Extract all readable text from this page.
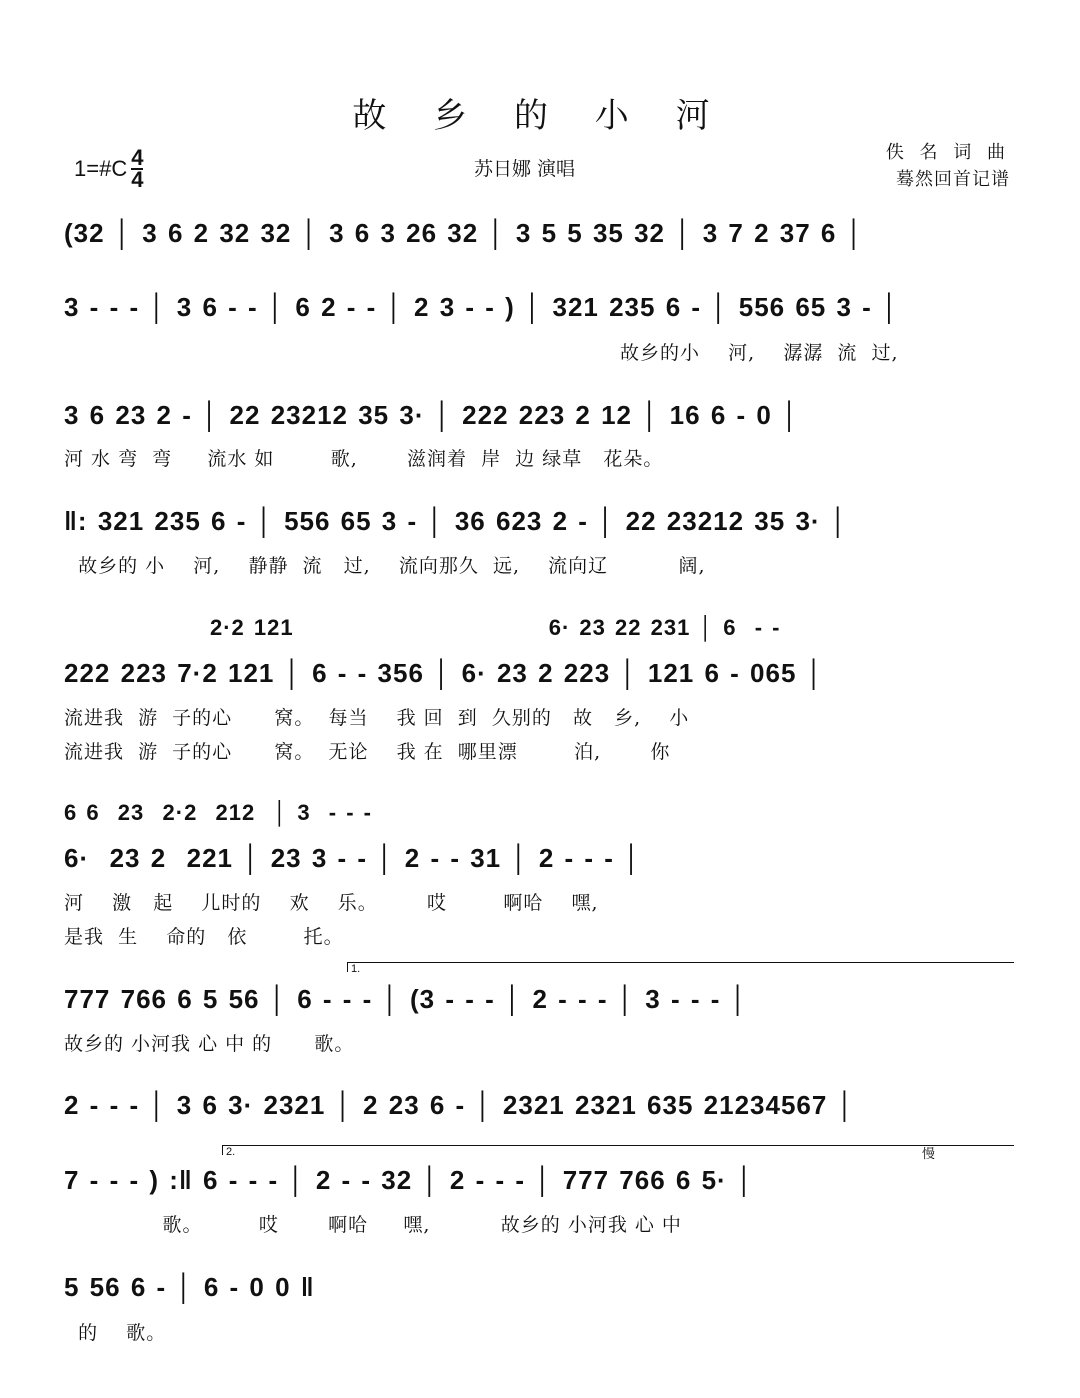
故 乡 的 小 河
1=#C $\frac{4}{4}$	苏日娜 演唱
佚 名 词 曲
蓦然回首记谱
(32 │ 3 6 2 32 32 │ 3 6 3 26 32 │ 3 5 5 35 32 │ 3 7 2 37 6 │
3 - - - │ 3 6 - - │ 6 2 - - │ 2 3 - - ) │ 321 235 6 - │ 556 65 3 - │
故乡的小    河,    潺潺  流  过,
3 6 23 2 - │ 22 23212 35 3· │ 222 223 2 12 │ 16 6 - 0 │
河 水 弯  弯     流水 如        歌,       滋润着  岸  边 绿草   花朵。
‖: 321 235 6 - │ 556 65 3 - │ 36 623 2 - │ 22 23212 35 3· │
故乡的 小    河,    静静  流   过,    流向那久  远,    流向辽          阔,
2·2 121                            6· 23 22 231 │ 6  - -
222 223 7·2 121 │ 6 - - 356 │ 6· 23 2 223 │ 121 6 - 065 │
流进我  游  子的心      窝。  每当    我 回  到  久别的   故   乡,    小
流进我  游  子的心      窝。  无论    我 在  哪里漂        泊,       你
6 6  23  2·2  212  │ 3  - - -
6·  23 2  221 │ 23 3 - - │ 2 - - 31 │ 2 - - - │
河    激   起    儿时的    欢    乐。       哎        啊哈    嘿,
是我  生    命的   依        托。
1.
777 766 6 5 56 │ 6 - - - │ (3 - - - │ 2 - - - │ 3 - - - │
故乡的 小河我 心 中 的      歌。
2 - - - │ 3 6 3· 2321 │ 2 23 6 - │ 2321 2321 635 21234567 │
2.	慢
7 - - - ) :‖ 6 - - - │ 2 - - 32 │ 2 - - - │ 777 766 6 5· │
歌。        哎       啊哈     嘿,          故乡的 小河我 心 中
5 56 6 - │ 6 - 0 0 ‖
的    歌。
